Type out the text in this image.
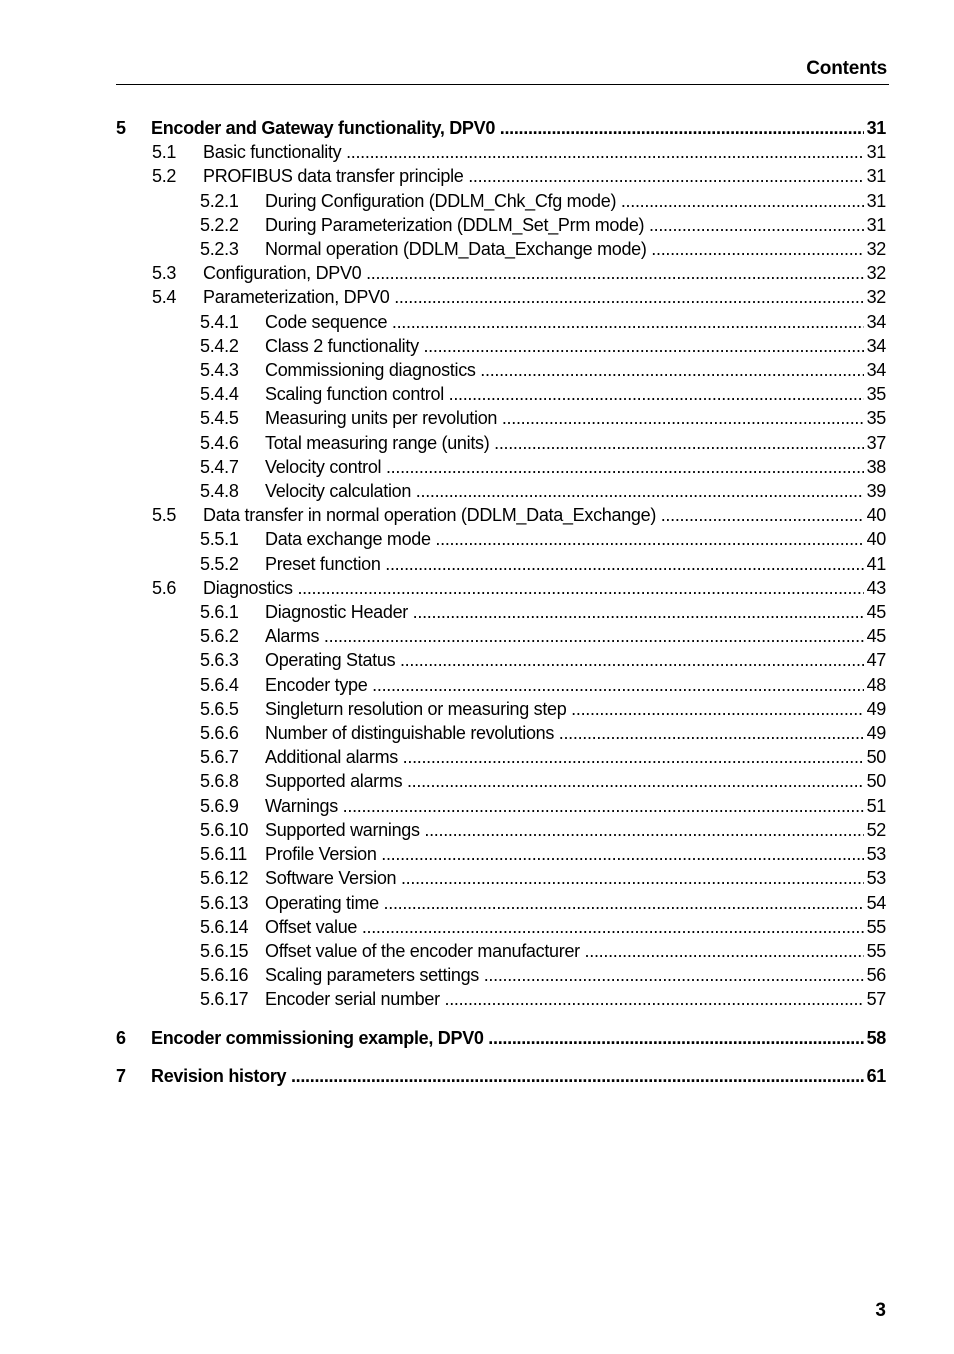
Contents
5	Encoder and Gateway functionality, DPV0 .....	31
5.1	Basic functionality .....	31
5.2	PROFIBUS data transfer principle .....	31
5.2.1	During Configuration (DDLM_Chk_Cfg mode) .....	31
5.2.2	During Parameterization (DDLM_Set_Prm mode) .....	31
5.2.3	Normal operation (DDLM_Data_Exchange mode) .....	32
5.3	Configuration, DPV0 .....	32
5.4	Parameterization, DPV0 .....	32
5.4.1	Code sequence .....	34
5.4.2	Class 2 functionality .....	34
5.4.3	Commissioning diagnostics .....	34
5.4.4	Scaling function control .....	35
5.4.5	Measuring units per revolution .....	35
5.4.6	Total measuring range (units) .....	37
5.4.7	Velocity control .....	38
5.4.8	Velocity calculation .....	39
5.5	Data transfer in normal operation (DDLM_Data_Exchange) .....	40
5.5.1	Data exchange mode .....	40
5.5.2	Preset function .....	41
5.6	Diagnostics .....	43
5.6.1	Diagnostic Header .....	45
5.6.2	Alarms .....	45
5.6.3	Operating Status .....	47
5.6.4	Encoder type .....	48
5.6.5	Singleturn resolution or measuring step .....	49
5.6.6	Number of distinguishable revolutions .....	49
5.6.7	Additional alarms .....	50
5.6.8	Supported alarms .....	50
5.6.9	Warnings .....	51
5.6.10 Supported warnings .....	52
5.6.11	Profile Version .....	53
5.6.12 Software Version .....	53
5.6.13 Operating time .....	54
5.6.14 Offset value .....	55
5.6.15 Offset value of the encoder manufacturer .....	55
5.6.16 Scaling parameters settings .....	56
5.6.17 Encoder serial number .....	57
6	Encoder commissioning example, DPV0 .....	58
7	Revision history .....	61
3
